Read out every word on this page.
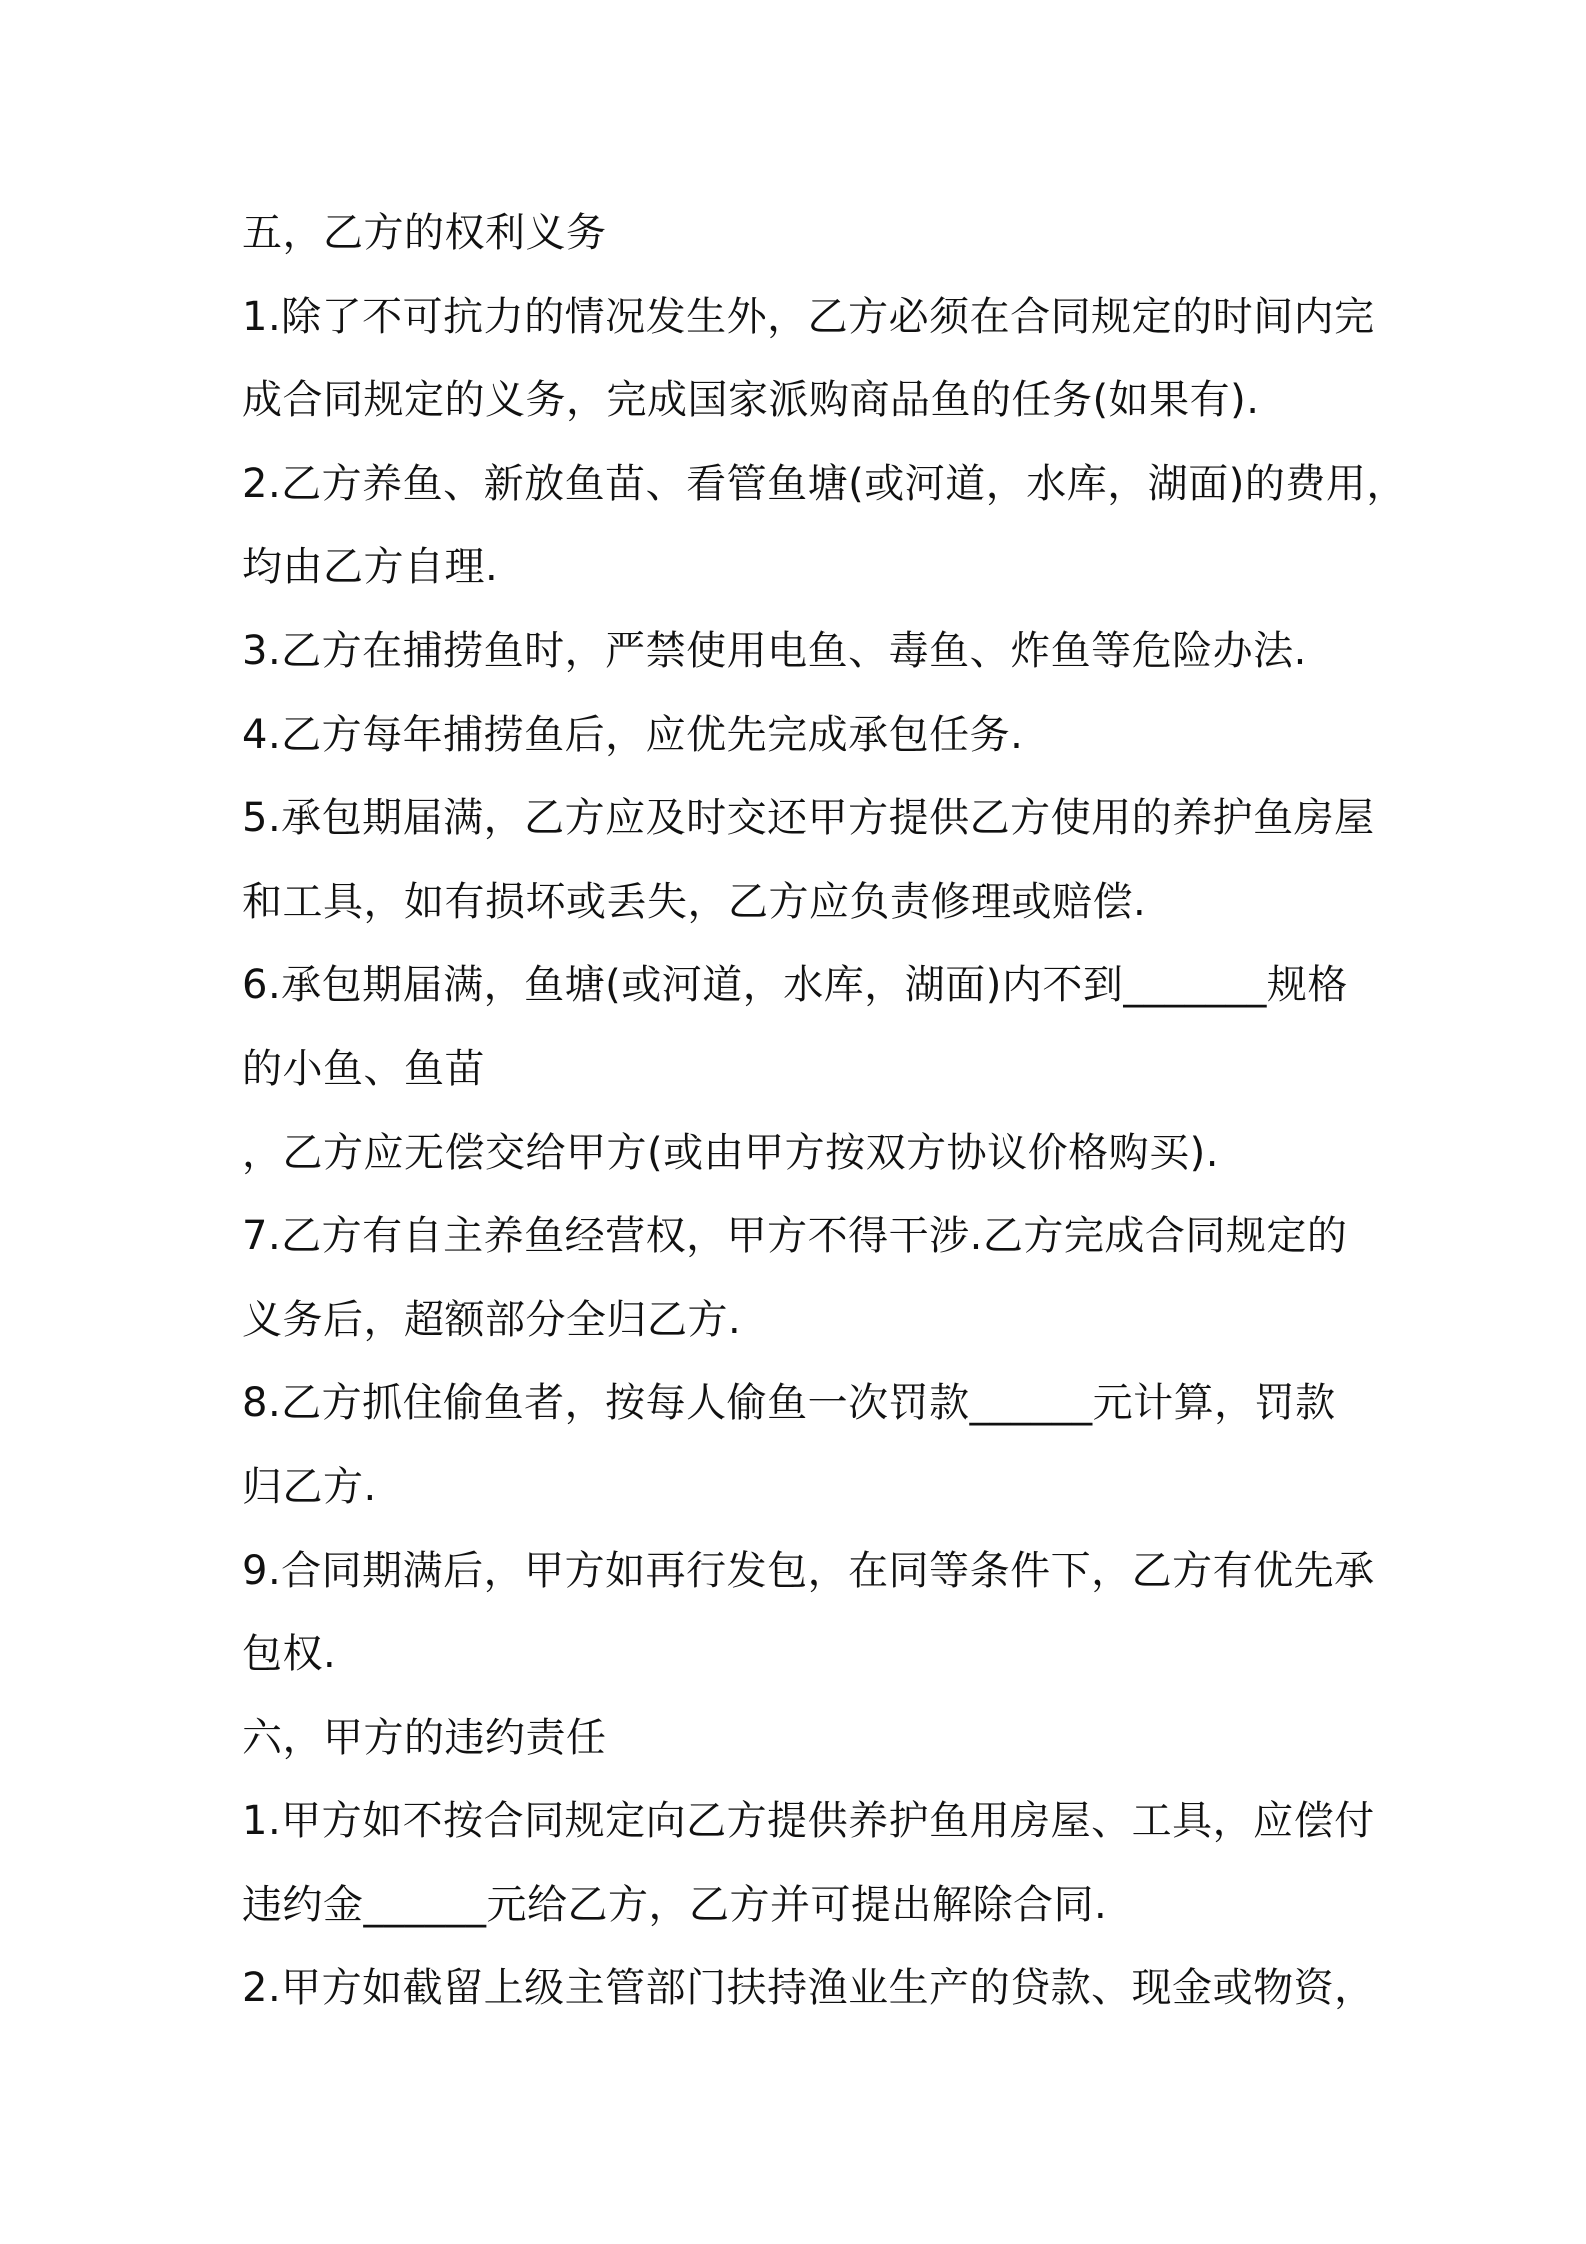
五，乙方的权利义务
1.除了不可抗力的情况发生外，乙方必须在合同规定的时间内完
成合同规定的义务，完成国家派购商品鱼的任务(如果有).
2.乙方养鱼、新放鱼苗、看管鱼塘(或河道，水库，湖面)的费用，
均由乙方自理.
3.乙方在捕捞鱼时，严禁使用电鱼、毒鱼、炸鱼等危险办法.
4.乙方每年捕捞鱼后，应优先完成承包任务.
5.承包期届满，乙方应及时交还甲方提供乙方使用的养护鱼房屋
和工具，如有损坏或丢失，乙方应负责修理或赔偿.
6.承包期届满，鱼塘(或河道，水库，湖面)内不到_______规格
的小鱼、鱼苗
，乙方应无偿交给甲方(或由甲方按双方协议价格购买).
7.乙方有自主养鱼经营权，甲方不得干涉.乙方完成合同规定的
义务后，超额部分全归乙方.
8.乙方抓住偷鱼者，按每人偷鱼一次罚款______元计算，罚款
归乙方.
9.合同期满后，甲方如再行发包，在同等条件下，乙方有优先承
包权.
六，甲方的违约责任
1.甲方如不按合同规定向乙方提供养护鱼用房屋、工具，应偿付
违约金______元给乙方，乙方并可提出解除合同.
2.甲方如截留上级主管部门扶持渔业生产的贷款、现金或物资，
